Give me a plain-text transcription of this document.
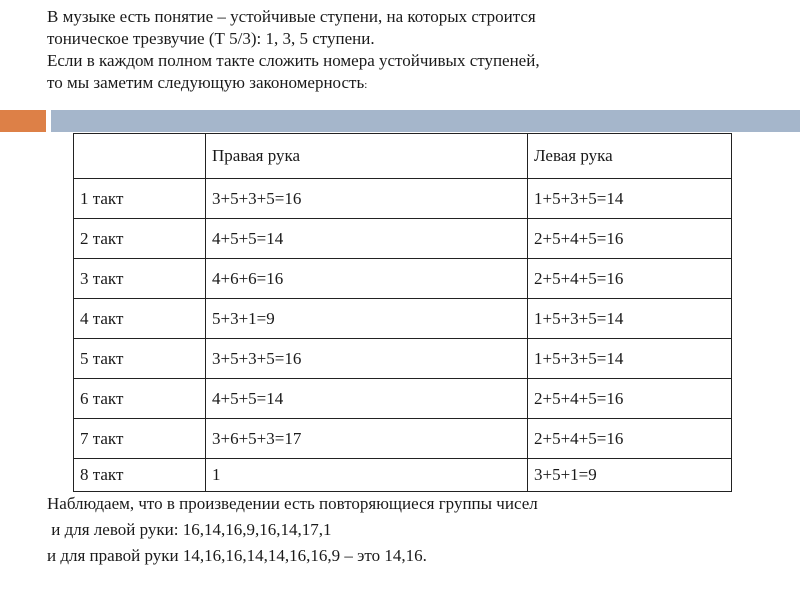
В музыке есть понятие – устойчивые ступени, на которых строится
тоническое трезвучие (Т 5/3): 1, 3, 5 ступени.
Если в каждом полном такте сложить номера устойчивых ступеней,
то мы заметим следующую закономерность:
	Правая рука	Левая рука
1 такт	3+5+3+5=16	1+5+3+5=14
2 такт	4+5+5=14	2+5+4+5=16
3 такт	4+6+6=16	2+5+4+5=16
4 такт	5+3+1=9	1+5+3+5=14
5 такт	3+5+3+5=16	1+5+3+5=14
6 такт	4+5+5=14	2+5+4+5=16
7 такт	3+6+5+3=17	2+5+4+5=16
8 такт	1	3+5+1=9
Наблюдаем, что в произведении есть повторяющиеся группы чисел
и для левой руки: 16,14,16,9,16,14,17,1
и для правой руки 14,16,16,14,14,16,16,9 – это 14,16.
